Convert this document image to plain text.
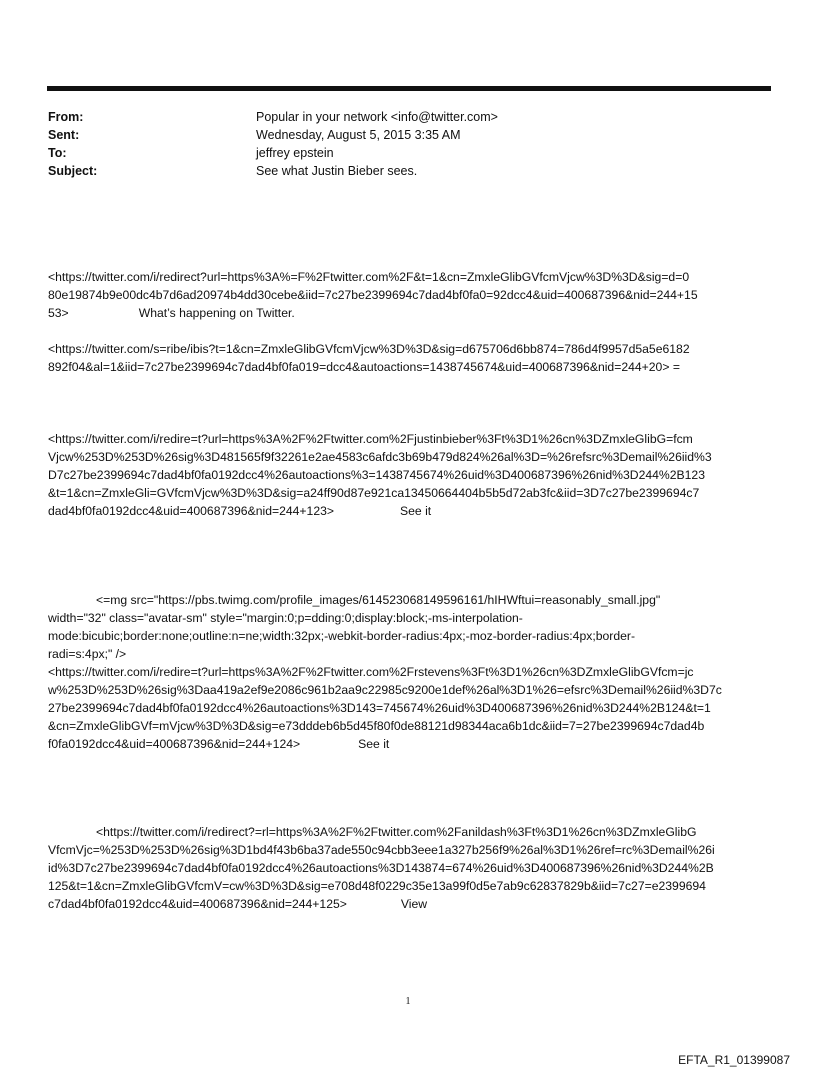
From:	Popular in your network <info@twitter.com>
Sent:	Wednesday, August 5, 2015 3:35 AM
To:	jeffrey epstein
Subject:	See what Justin Bieber sees.
<https://twitter.com/i/redirect?url=https%3A%=F%2Ftwitter.com%2F&t=1&cn=ZmxleGlibGVfcmVjcw%3D%3D&sig=d=0
80e19874b9e00dc4b7d6ad20974b4dd30cebe&iid=7c27be2399694c7dad4bf0fa0=92dcc4&uid=400687396&nid=244+15
53>	What’s happening on Twitter.
<https://twitter.com/s=ribe/ibis?t=1&cn=ZmxleGlibGVfcmVjcw%3D%3D&sig=d675706d6bb874=786d4f9957d5a5e6182
892f04&al=1&iid=7c27be2399694c7dad4bf0fa019=dcc4&autoactions=1438745674&uid=400687396&nid=244+20> =
<https://twitter.com/i/redire=t?url=https%3A%2F%2Ftwitter.com%2Fjustinbieber%3Ft%3D1%26cn%3DZmxleGlibG=fcm
Vjcw%253D%253D%26sig%3D481565f9f32261e2ae4583c6afdc3b69b479d824%26al%3D=%26refsrc%3Demail%26iid%3
D7c27be2399694c7dad4bf0fa0192dcc4%26autoactions%3=1438745674%26uid%3D400687396%26nid%3D244%2B123
&t=1&cn=ZmxleGli=GVfcmVjcw%3D%3D&sig=a24ff90d87e921ca13450664404b5b5d72ab3fc&iid=3D7c27be2399694c7
dad4bf0fa0192dcc4&uid=400687396&nid=244+123>	See it
<=mg src="https://pbs.twimg.com/profile_images/614523068149596161/hIHWftui=reasonably_small.jpg"
width="32" class="avatar-sm" style="margin:0;p=dding:0;display:block;-ms-interpolation-
mode:bicubic;border:none;outline:n=ne;width:32px;-webkit-border-radius:4px;-moz-border-radius:4px;border-
radi=s:4px;" />
<https://twitter.com/i/redire=t?url=https%3A%2F%2Ftwitter.com%2Frstevens%3Ft%3D1%26cn%3DZmxleGlibGVfcm=jc
w%253D%253D%26sig%3Daa419a2ef9e2086c961b2aa9c22985c9200e1def%26al%3D1%26=efsrc%3Demail%26iid%3D7c
27be2399694c7dad4bf0fa0192dcc4%26autoactions%3D143=745674%26uid%3D400687396%26nid%3D244%2B124&t=1
&cn=ZmxleGlibGVf=mVjcw%3D%3D&sig=e73dddeb6b5d45f80f0de88121d98344aca6b1dc&iid=7=27be2399694c7dad4b
f0fa0192dcc4&uid=400687396&nid=244+124>	See it
<https://twitter.com/i/redirect?=rl=https%3A%2F%2Ftwitter.com%2Fanildash%3Ft%3D1%26cn%3DZmxleGlibG
VfcmVjc=%253D%253D%26sig%3D1bd4f43b6ba37ade550c94cbb3eee1a327b256f9%26al%3D1%26ref=rc%3Demail%26i
id%3D7c27be2399694c7dad4bf0fa0192dcc4%26autoactions%3D143874=674%26uid%3D400687396%26nid%3D244%2B
125&t=1&cn=ZmxleGlibGVfcmV=cw%3D%3D&sig=e708d48f0229c35e13a99f0d5e7ab9c62837829b&iid=7c27=e2399694
c7dad4bf0fa0192dcc4&uid=400687396&nid=244+125>	View
1
EFTA_R1_01399087
